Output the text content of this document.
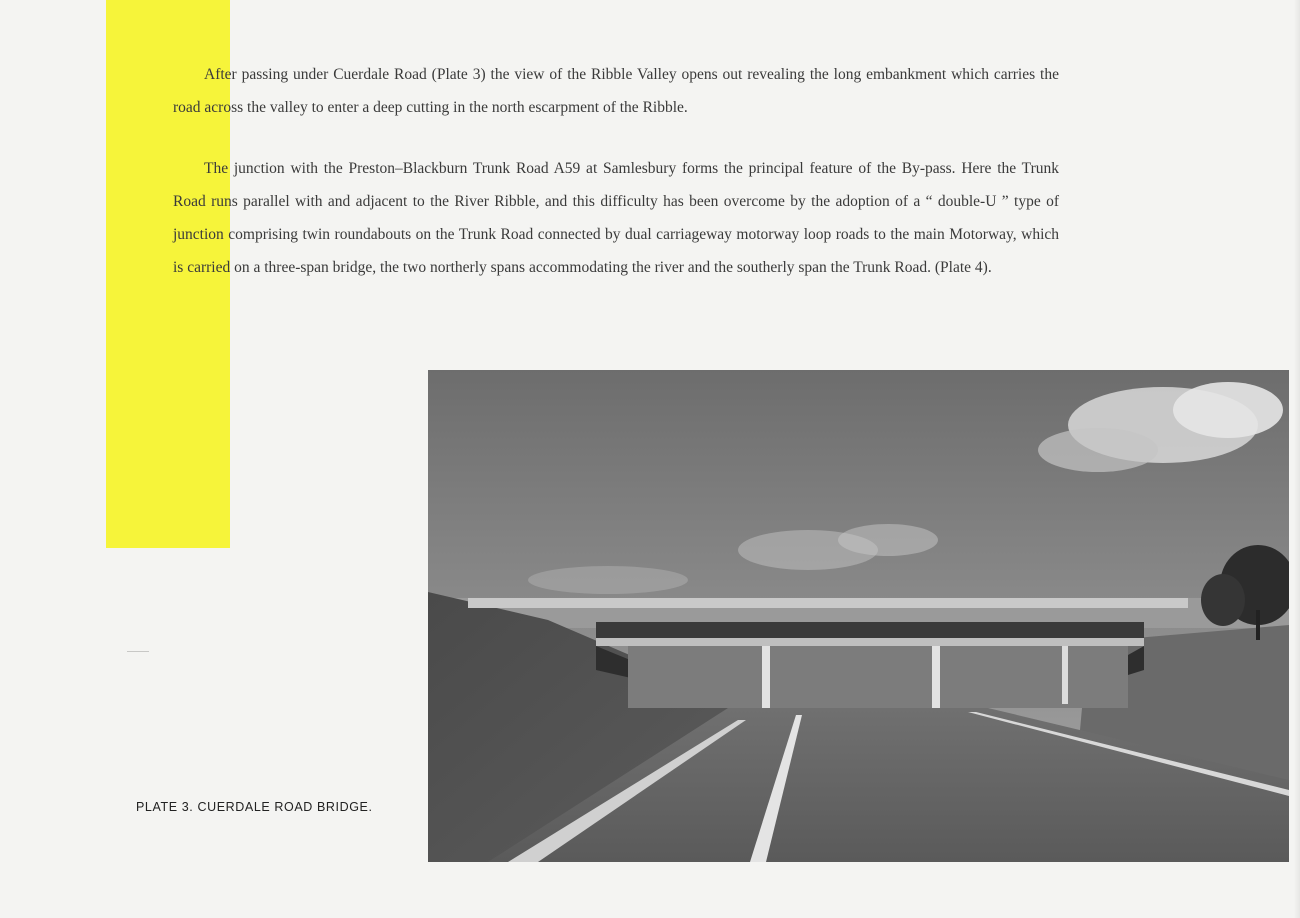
After passing under Cuerdale Road (Plate 3) the view of the Ribble Valley opens out revealing the long embankment which carries the road across the valley to enter a deep cutting in the north escarpment of the Ribble.

The junction with the Preston–Blackburn Trunk Road A59 at Samlesbury forms the principal feature of the By-pass. Here the Trunk Road runs parallel with and adjacent to the River Ribble, and this difficulty has been overcome by the adoption of a “ double-U ” type of junction comprising twin roundabouts on the Trunk Road connected by dual carriageway motorway loop roads to the main Motorway, which is carried on a three-span bridge, the two northerly spans accommodating the river and the southerly span the Trunk Road. (Plate 4).

PLATE 3. CUERDALE ROAD BRIDGE.
